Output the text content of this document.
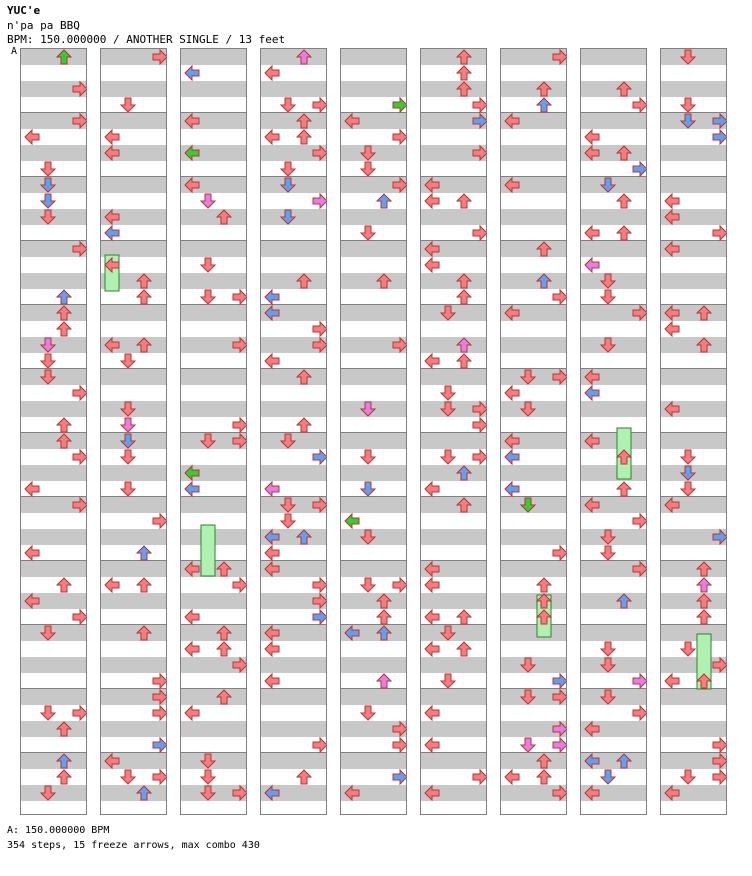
YUC'e
n'pa pa BBQ
BPM: 150.000000 / ANOTHER SINGLE / 13 feet
A
A: 150.000000 BPM
354 steps, 15 freeze arrows, max combo 430
